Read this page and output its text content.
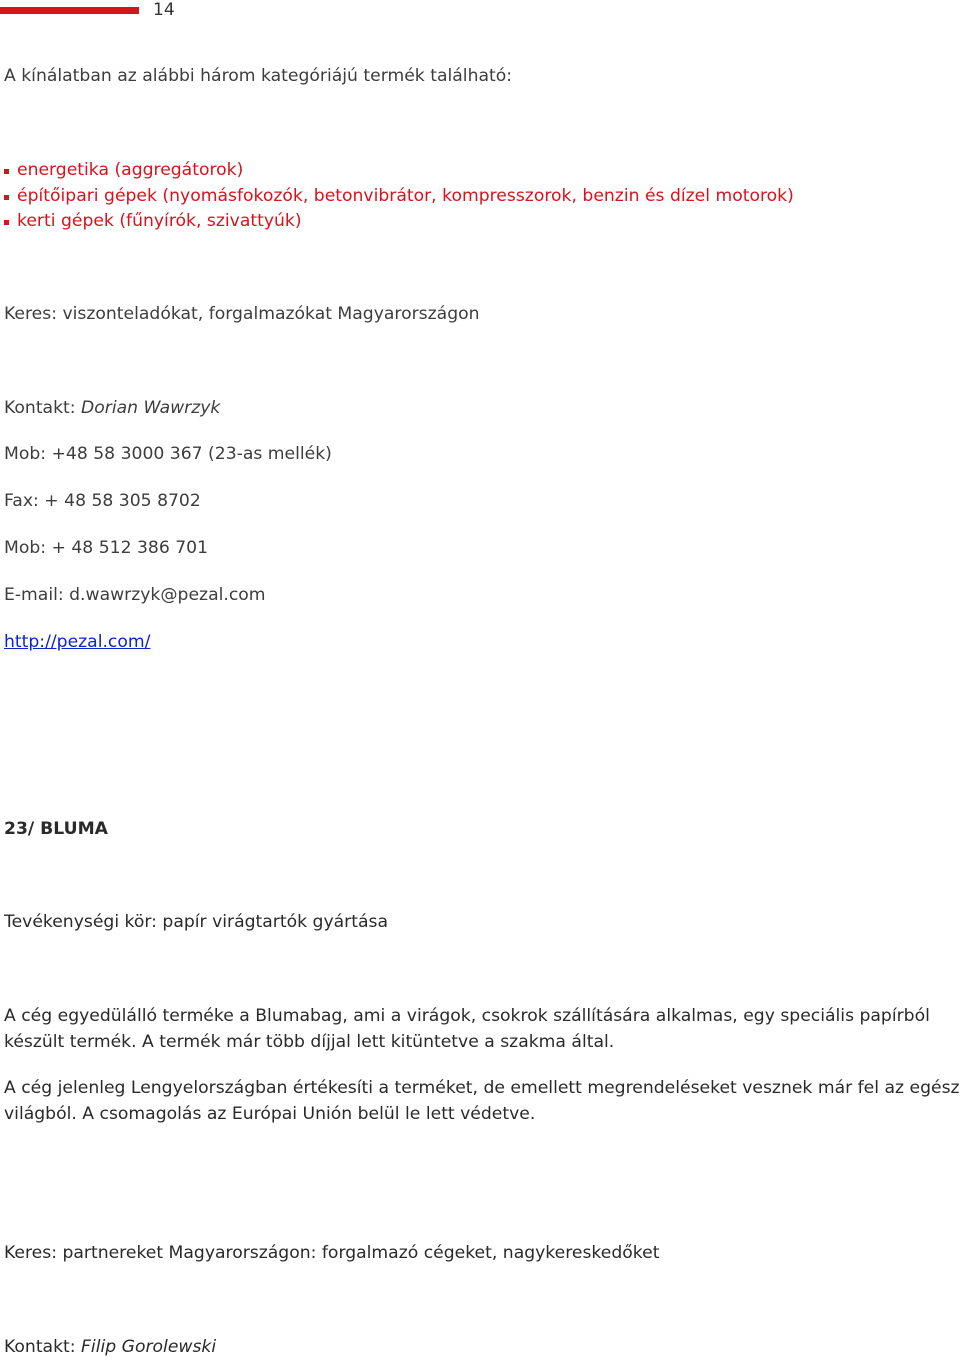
14
A kínálatban az alábbi három kategóriájú termék található:
energetika (aggregátorok)
építőipari gépek (nyomásfokozók, betonvibrátor, kompresszorok, benzin és dízel motorok)
kerti gépek (fűnyírók, szivattyúk)
Keres: viszonteladókat, forgalmazókat Magyarországon
Kontakt: Dorian Wawrzyk
Mob: +48 58 3000 367 (23-as mellék)
Fax: + 48 58 305 8702
Mob: + 48 512 386 701
E-mail: d.wawrzyk@pezal.com
http://pezal.com/
23/ BLUMA
Tevékenységi kör: papír virágtartók gyártása
A cég egyedülálló terméke a Blumabag, ami a virágok, csokrok szállítására alkalmas, egy speciális papírból
készült termék. A termék már több díjjal lett kitüntetve a szakma által.
A cég jelenleg Lengyelországban értékesíti a terméket, de emellett megrendeléseket vesznek már fel az egész
világból. A csomagolás az Európai Unión belül le lett védetve.
Keres: partnereket Magyarországon: forgalmazó cégeket, nagykereskedőket
Kontakt: Filip Gorolewski
